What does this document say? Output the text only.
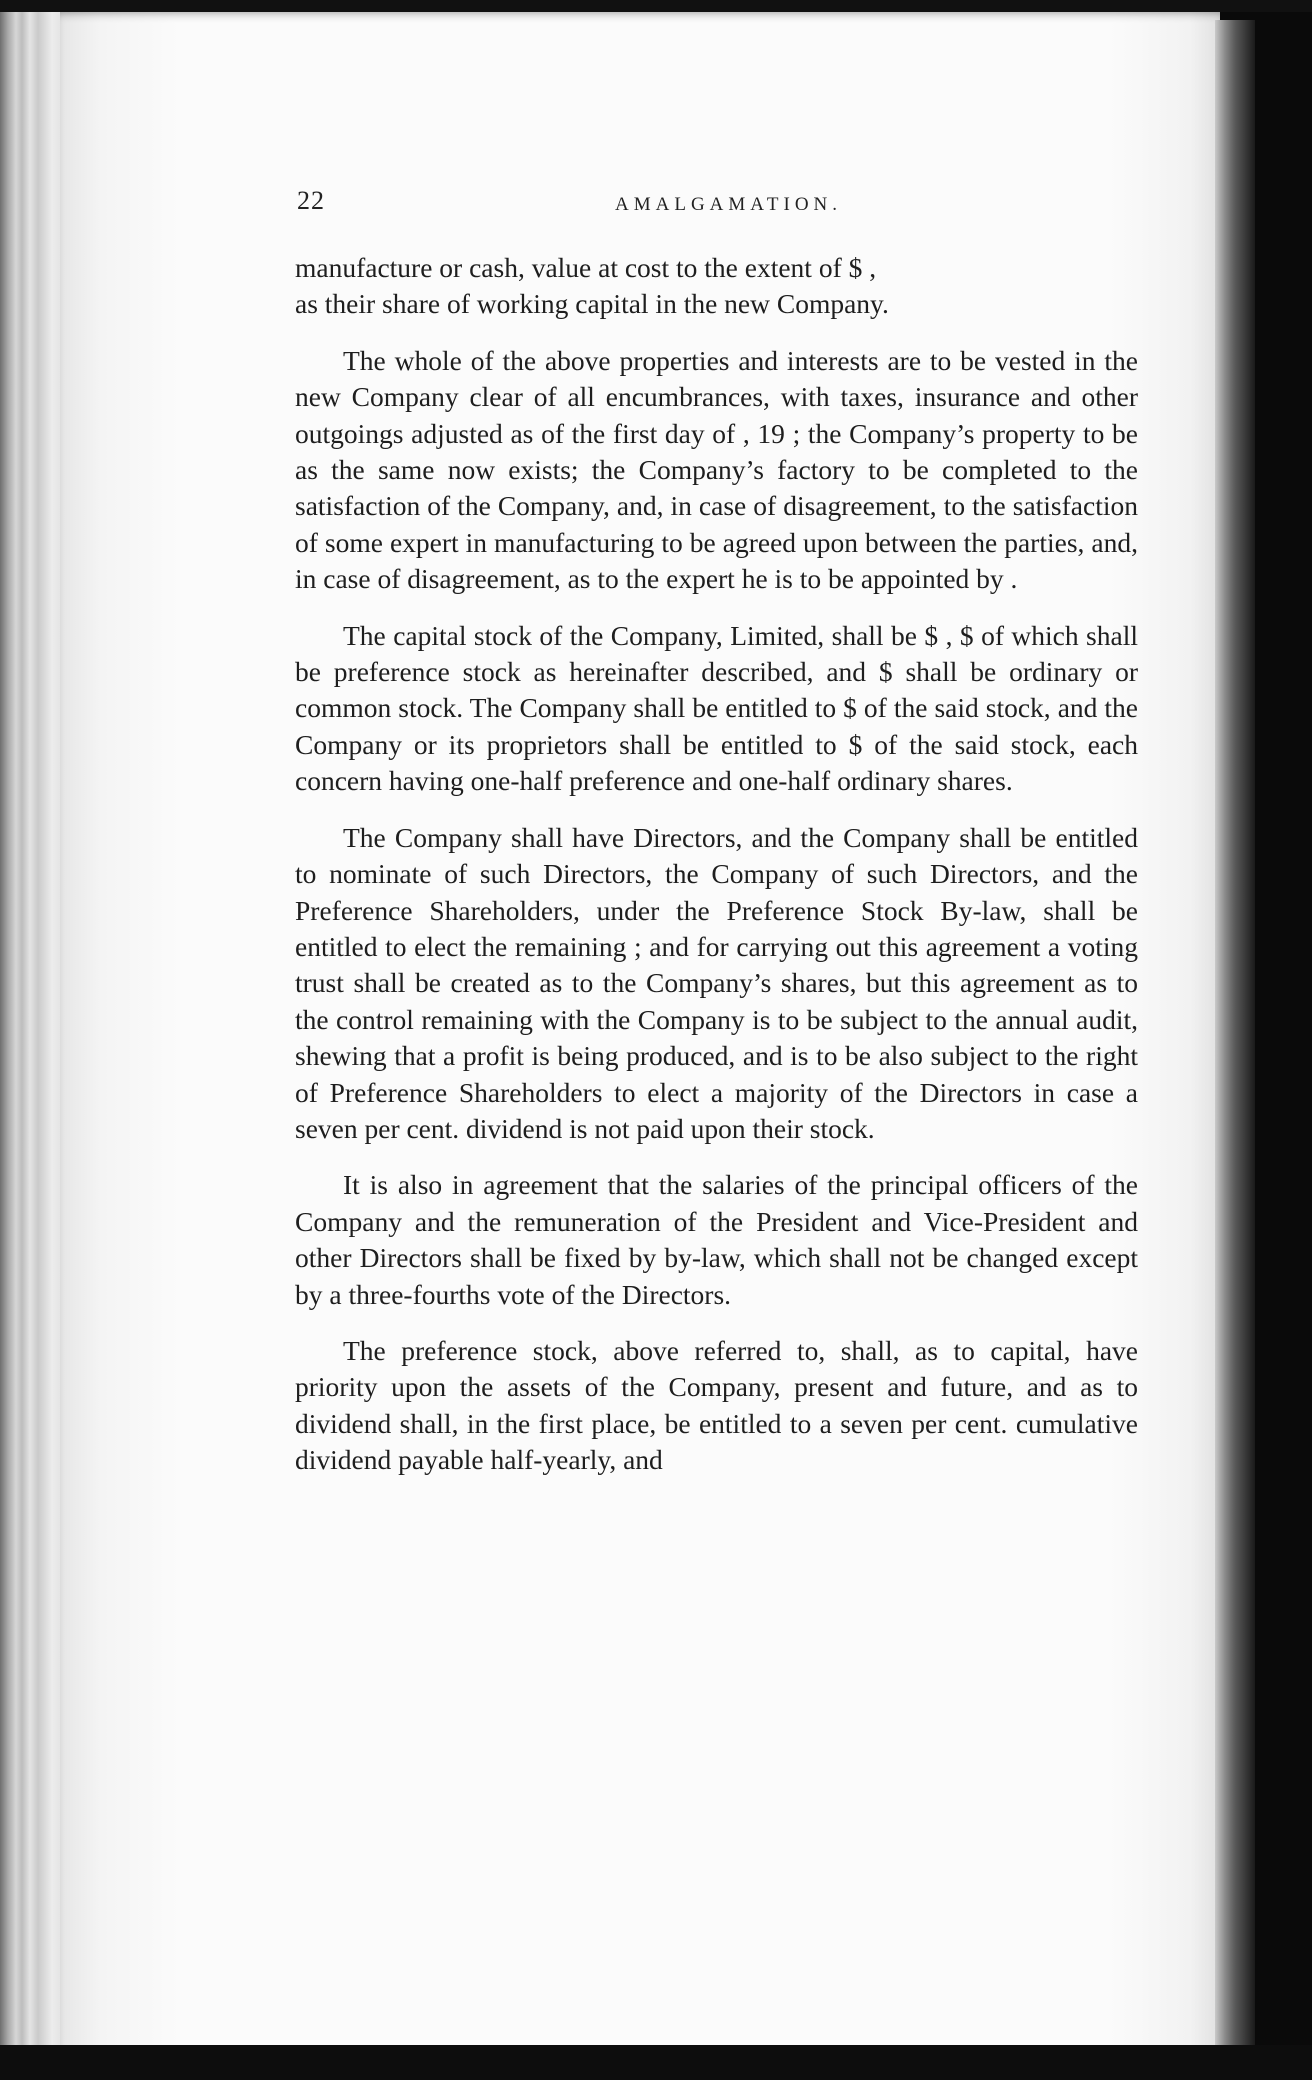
22	AMALGAMATION.

manufacture or cash, value at cost to the extent of $ ,
as their share of working capital in the new Company.

The whole of the above properties and interests are to be vested in the new Company clear of all encumbrances, with taxes, insurance and other outgoings adjusted as of the first day of , 19 ; the Company’s property to be as the same now exists; the Company’s factory to be completed to the satisfaction of the Company, and, in case of disagreement, to the satisfaction of some expert in manufacturing to be agreed upon between the parties, and, in case of disagreement, as to the expert he is to be appointed by .

The capital stock of the Company, Limited, shall be $ , $ of which shall be preference stock as hereinafter described, and $ shall be ordinary or common stock. The Company shall be entitled to $ of the said stock, and the Company or its proprietors shall be entitled to $ of the said stock, each concern having one-half preference and one-half ordinary shares.

The Company shall have Directors, and the Company shall be entitled to nominate of such Directors, the Company of such Directors, and the Preference Shareholders, under the Preference Stock By-law, shall be entitled to elect the remaining ; and for carrying out this agreement a voting trust shall be created as to the Company’s shares, but this agreement as to the control remaining with the Company is to be subject to the annual audit, shewing that a profit is being produced, and is to be also subject to the right of Preference Shareholders to elect a majority of the Directors in case a seven per cent. dividend is not paid upon their stock.

It is also in agreement that the salaries of the principal officers of the Company and the remuneration of the President and Vice-President and other Directors shall be fixed by by-law, which shall not be changed except by a three-fourths vote of the Directors.

The preference stock, above referred to, shall, as to capital, have priority upon the assets of the Company, present and future, and as to dividend shall, in the first place, be entitled to a seven per cent. cumulative dividend payable half-yearly, and
